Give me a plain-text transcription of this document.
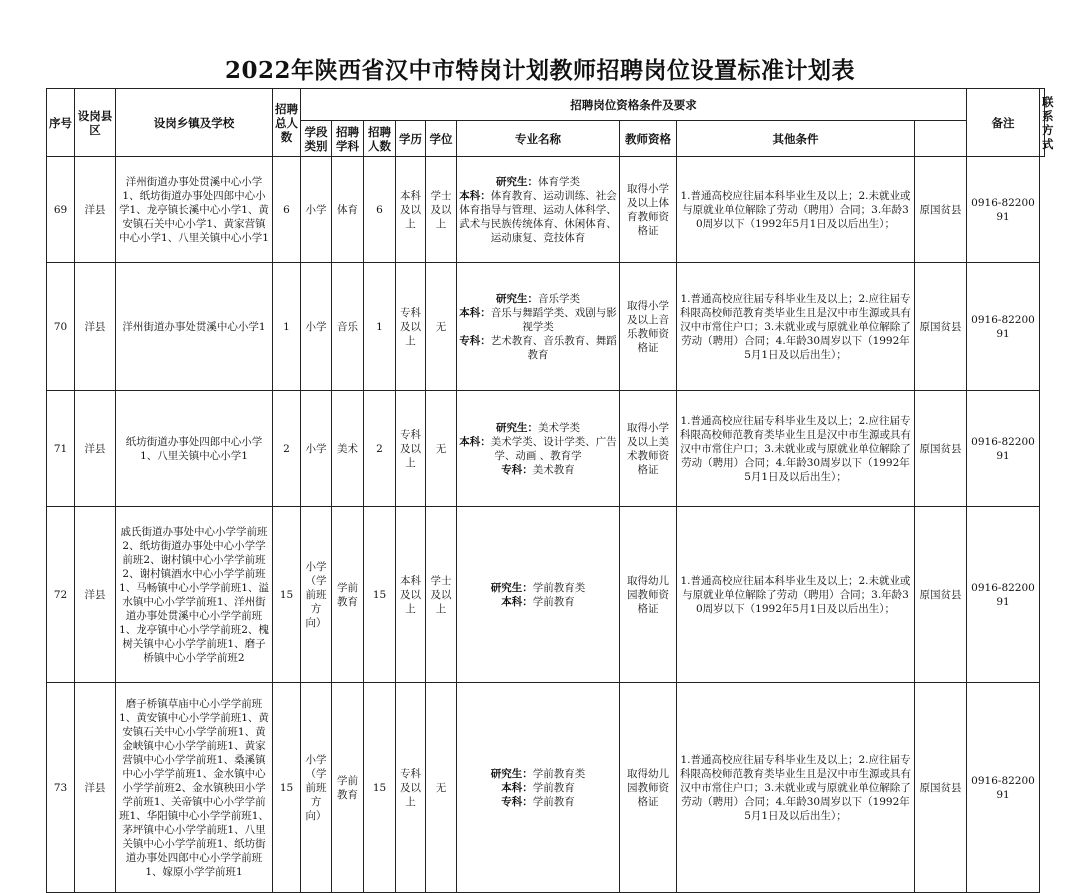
2022年陕西省汉中市特岗计划教师招聘岗位设置标准计划表
序号	设岗县区	设岗乡镇及学校	招聘总人数	招聘岗位资格条件及要求									备注	联系方式
				学段类别	招聘学科	招聘人数	学历	学位	专业名称	教师资格	其他条件			
69	洋县	洋州街道办事处贯溪中心小学1、纸坊街道办事处四郎中心小学1、龙亭镇长溪中心小学1、黄安镇石关中心小学1、黄家营镇中心小学1、八里关镇中心小学1	6	小学	体育	6	本科及以上	学士及以上	研究生：体育学类
本科：体育教育、运动训练、社会体育指导与管理、运动人体科学、武术与民族传统体育、休闲体育、运动康复、竞技体育	取得小学及以上体育教师资格证	1.普通高校应往届本科毕业生及以上；2.未就业或与原就业单位解除了劳动（聘用）合同；3.年龄30周岁以下（1992年5月1日及以后出生）；	原国贫县	0916-8220091	
70	洋县	洋州街道办事处贯溪中心小学1	1	小学	音乐	1	专科及以上	无	研究生：音乐学类
本科：音乐与舞蹈学类、戏剧与影视学类
专科：艺术教育、音乐教育、舞蹈教育	取得小学及以上音乐教师资格证	1.普通高校应往届专科毕业生及以上；2.应往届专科限高校师范教育类毕业生且是汉中市生源或具有汉中市常住户口；3.未就业或与原就业单位解除了劳动（聘用）合同；4.年龄30周岁以下（1992年5月1日及以后出生）；	原国贫县	0916-8220091	
71	洋县	纸坊街道办事处四郎中心小学1、八里关镇中心小学1	2	小学	美术	2	专科及以上	无	研究生：美术学类
本科：美术学类、设计学类、广告学、动画 、教育学
专科：美术教育	取得小学及以上美术教师资格证	1.普通高校应往届专科毕业生及以上；2.应往届专科限高校师范教育类毕业生且是汉中市生源或具有汉中市常住户口；3.未就业或与原就业单位解除了劳动（聘用）合同；4.年龄30周岁以下（1992年5月1日及以后出生）；	原国贫县	0916-8220091	
72	洋县	戚氏街道办事处中心小学学前班2、纸坊街道办事处中心小学学前班2、谢村镇中心小学学前班2、谢村镇酒水中心小学学前班1、马畅镇中心小学学前班1、溢水镇中心小学学前班1、洋州街道办事处贯溪中心小学学前班1、龙亭镇中心小学学前班2、槐树关镇中心小学学前班1、磨子桥镇中心小学学前班2	15	小学（学前班方向）	学前教育	15	本科及以上	学士及以上	研究生：学前教育类
本科：学前教育	取得幼儿园教师资格证	1.普通高校应往届本科毕业生及以上；2.未就业或与原就业单位解除了劳动（聘用）合同；3.年龄30周岁以下（1992年5月1日及以后出生）；	原国贫县	0916-8220091	
73	洋县	磨子桥镇草庙中心小学学前班1、黄安镇中心小学学前班1、黄安镇石关中心小学学前班1、黄金峡镇中心小学学前班1、黄家营镇中心小学学前班1、桑溪镇中心小学学前班1、金水镇中心小学学前班2、金水镇秧田小学学前班1、关帝镇中心小学学前班1、华阳镇中心小学学前班1、茅坪镇中心小学学前班1、八里关镇中心小学学前班1、纸坊街道办事处四郎中心小学学前班1、嫁原小学学前班1	15	小学（学前班方向）	学前教育	15	专科及以上	无	研究生：学前教育类
本科：学前教育
专科：学前教育	取得幼儿园教师资格证	1.普通高校应往届专科毕业生及以上；2.应往届专科限高校师范教育类毕业生且是汉中市生源或具有汉中市常住户口；3.未就业或与原就业单位解除了劳动（聘用）合同；4.年龄30周岁以下（1992年5月1日及以后出生）；	原国贫县	0916-8220091	
